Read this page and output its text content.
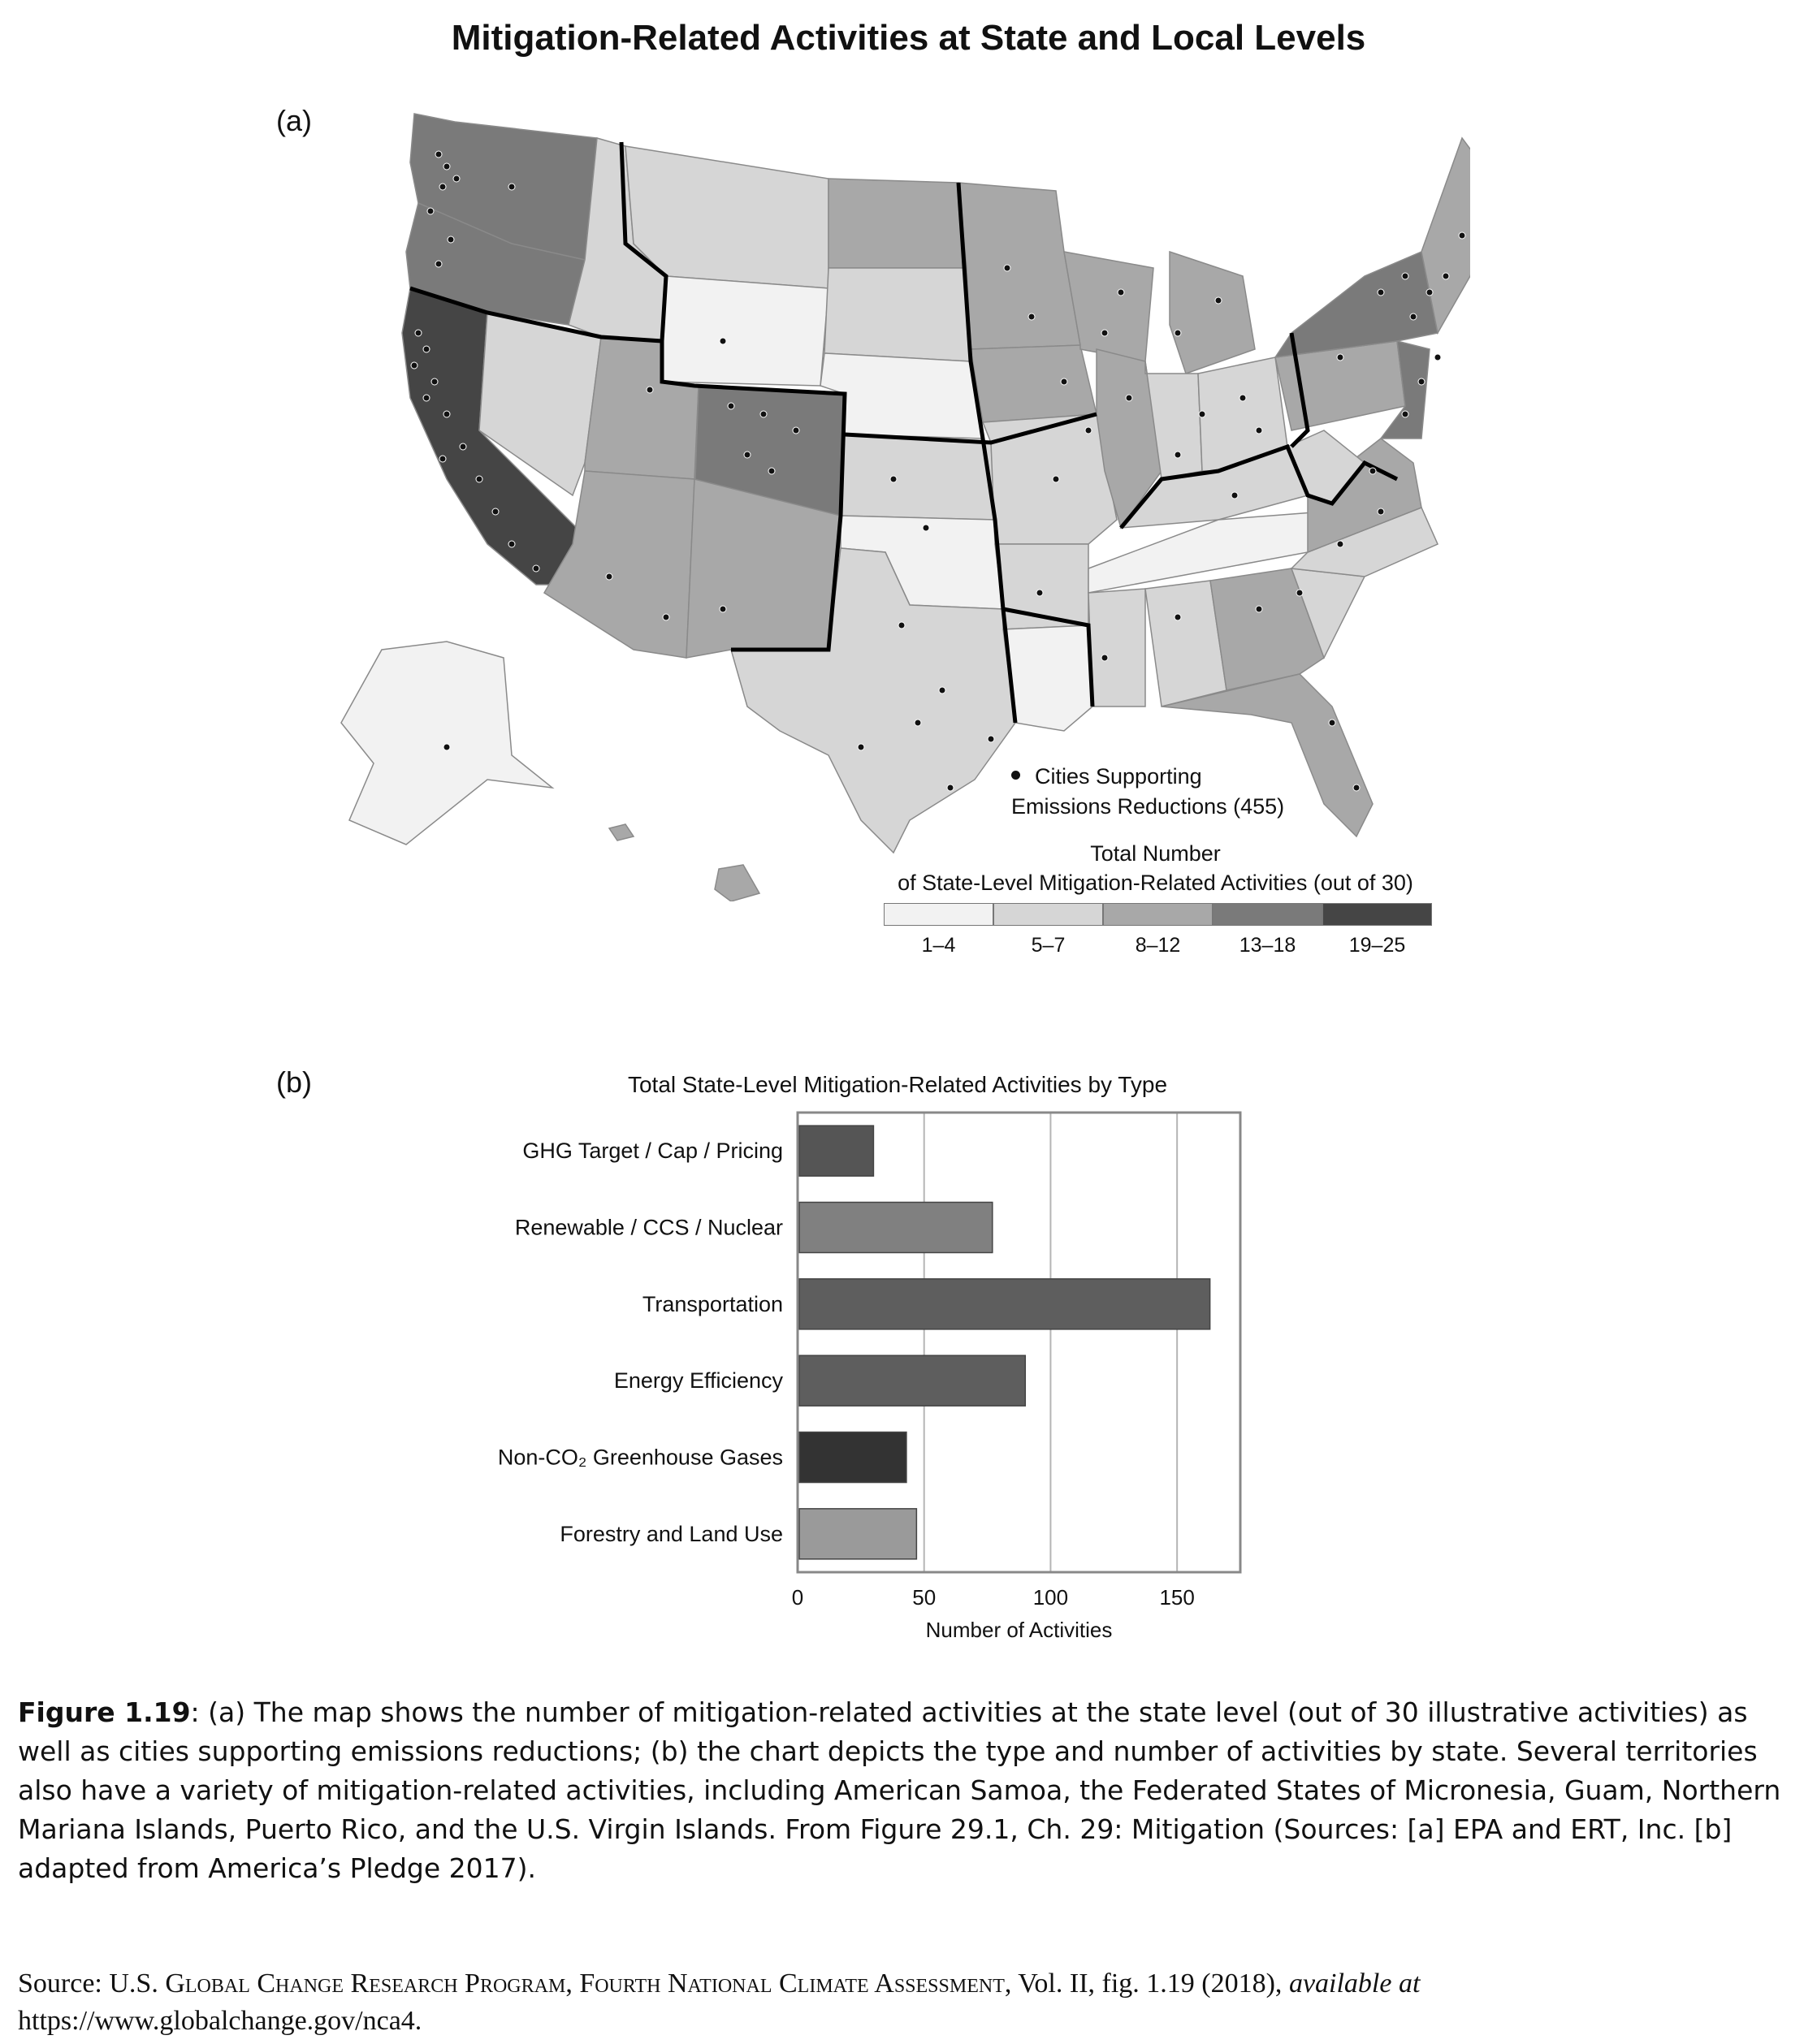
Mitigation-Related Activities at State and Local Levels
(a)
Cities Supporting
Emissions Reductions (455)
Total Number
of State-Level Mitigation-Related Activities (out of 30)
1–4	5–7	8–12	13–18	19–25
(b)	Total State-Level Mitigation-Related Activities by Type
GHG Target / Cap / Pricing
Renewable / CCS / Nuclear
Transportation
Energy Efficiency
Non-CO₂ Greenhouse Gases
Forestry and Land Use
0	50	100	150
Number of Activities
Figure 1.19: (a) The map shows the number of mitigation-related activities at the state level (out of 30 illustrative activities) as well as cities supporting emissions reductions; (b) the chart depicts the type and number of activities by state. Several territories also have a variety of mitigation-related activities, including American Samoa, the Federated States of Micronesia, Guam, Northern Mariana Islands, Puerto Rico, and the U.S. Virgin Islands. From Figure 29.1, Ch. 29: Mitigation (Sources: [a] EPA and ERT, Inc. [b] adapted from America’s Pledge 2017).
Source: U.S. Global Change Research Program, Fourth National Climate Assessment, Vol. II, fig. 1.19 (2018), available at https://www.globalchange.gov/nca4.
